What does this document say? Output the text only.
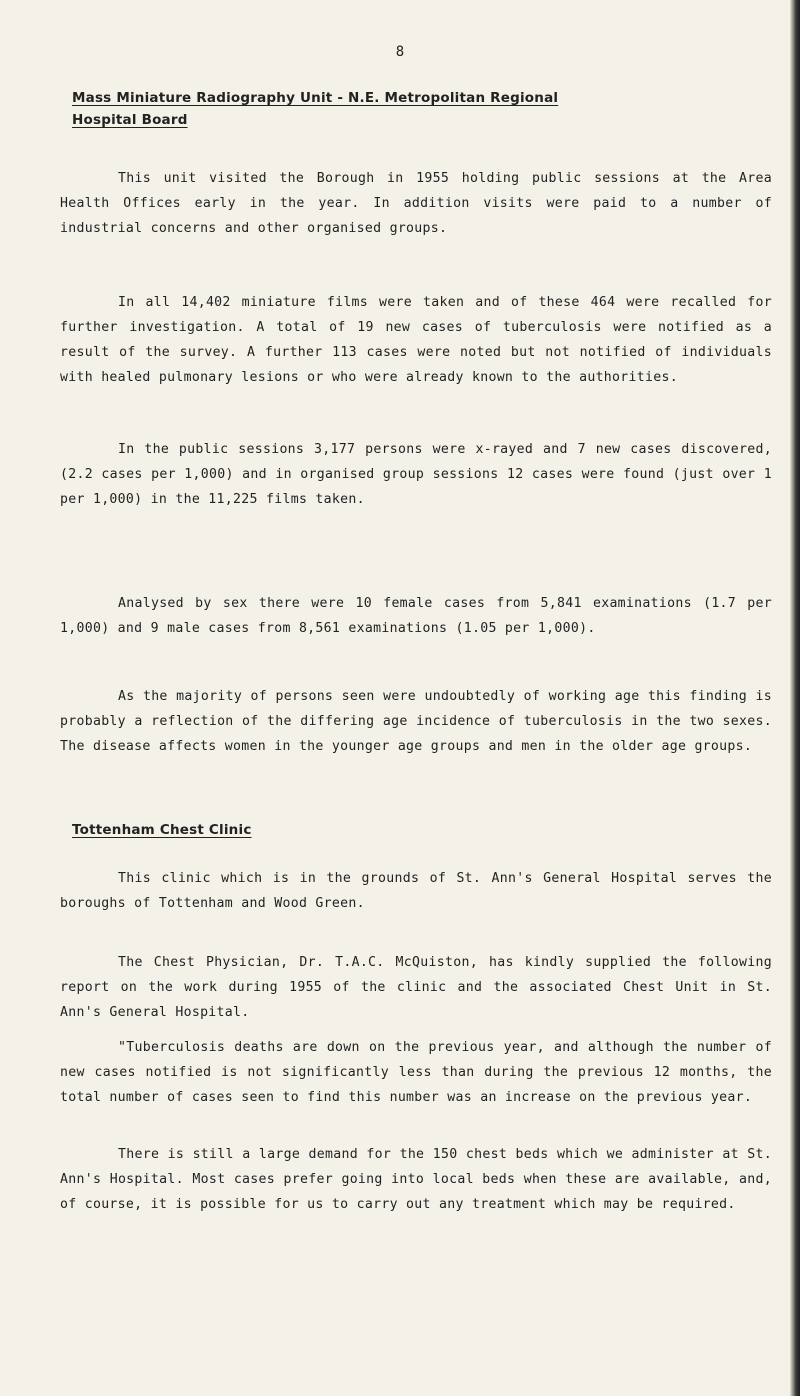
8
Mass Miniature Radiography Unit - N.E. Metropolitan Regional
Hospital Board

This unit visited the Borough in 1955 holding public sessions at the Area Health Offices early in the year. In addition visits were paid to a number of industrial concerns and other organised groups.

In all 14,402 miniature films were taken and of these 464 were recalled for further investigation. A total of 19 new cases of tuberculosis were notified as a result of the survey. A further 113 cases were noted but not notified of individuals with healed pulmonary lesions or who were already known to the authorities.

In the public sessions 3,177 persons were x-rayed and 7 new cases discovered, (2.2 cases per 1,000) and in organised group sessions 12 cases were found (just over 1 per 1,000) in the 11,225 films taken.

Analysed by sex there were 10 female cases from 5,841 examinations (1.7 per 1,000) and 9 male cases from 8,561 examinations (1.05 per 1,000).

As the majority of persons seen were undoubtedly of working age this finding is probably a reflection of the differing age incidence of tuberculosis in the two sexes. The disease affects women in the younger age groups and men in the older age groups.

Tottenham Chest Clinic

This clinic which is in the grounds of St. Ann's General Hospital serves the boroughs of Tottenham and Wood Green.

The Chest Physician, Dr. T.A.C. McQuiston, has kindly supplied the following report on the work during 1955 of the clinic and the associated Chest Unit in St. Ann's General Hospital.

"Tuberculosis deaths are down on the previous year, and although the number of new cases notified is not significantly less than during the previous 12 months, the total number of cases seen to find this number was an increase on the previous year.

There is still a large demand for the 150 chest beds which we administer at St. Ann's Hospital. Most cases prefer going into local beds when these are available, and, of course, it is possible for us to carry out any treatment which may be required.
